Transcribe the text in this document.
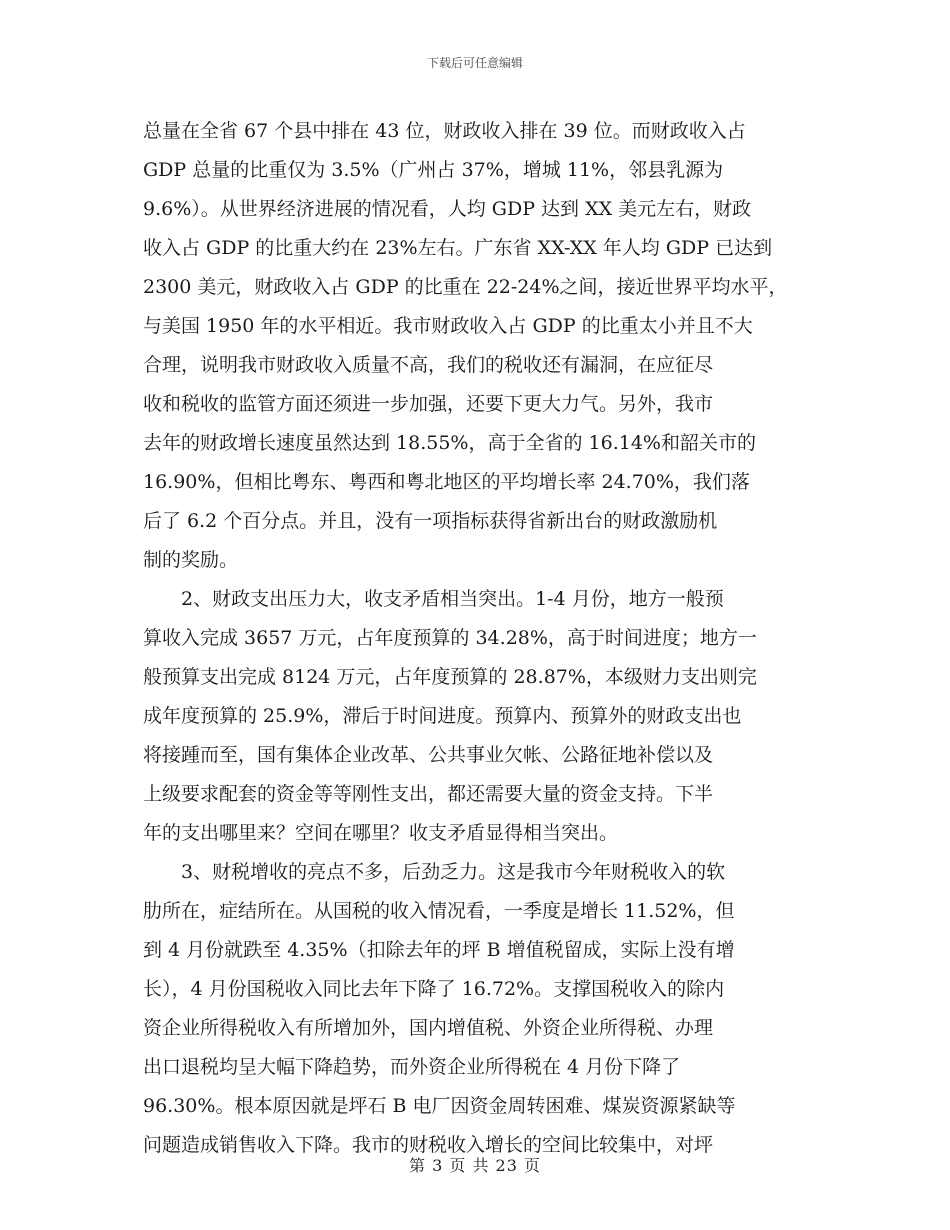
下载后可任意编辑
总量在全省 67 个县中排在 43 位，财政收入排在 39 位。而财政收入占
GDP 总量的比重仅为 3.5%（广州占 37%，增城 11%，邻县乳源为
9.6%）。从世界经济进展的情况看，人均 GDP 达到 XX 美元左右，财政
收入占 GDP 的比重大约在 23%左右。广东省 XX-XX 年人均 GDP 已达到
2300 美元，财政收入占 GDP 的比重在 22-24%之间，接近世界平均水平，
与美国 1950 年的水平相近。我市财政收入占 GDP 的比重太小并且不大
合理，说明我市财政收入质量不高，我们的税收还有漏洞，在应征尽
收和税收的监管方面还须进一步加强，还要下更大力气。另外，我市
去年的财政增长速度虽然达到 18.55%，高于全省的 16.14%和韶关市的
16.90%，但相比粤东、粤西和粤北地区的平均增长率 24.70%，我们落
后了 6.2 个百分点。并且，没有一项指标获得省新出台的财政激励机
制的奖励。
2、财政支出压力大，收支矛盾相当突出。1-4 月份，地方一般预
算收入完成 3657 万元，占年度预算的 34.28%，高于时间进度；地方一
般预算支出完成 8124 万元，占年度预算的 28.87%，本级财力支出则完
成年度预算的 25.9%，滞后于时间进度。预算内、预算外的财政支出也
将接踵而至，国有集体企业改革、公共事业欠帐、公路征地补偿以及
上级要求配套的资金等等刚性支出，都还需要大量的资金支持。下半
年的支出哪里来？空间在哪里？收支矛盾显得相当突出。
3、财税增收的亮点不多，后劲乏力。这是我市今年财税收入的软
肋所在，症结所在。从国税的收入情况看，一季度是增长 11.52%，但
到 4 月份就跌至 4.35%（扣除去年的坪 B 增值税留成，实际上没有增
长），4 月份国税收入同比去年下降了 16.72%。支撑国税收入的除内
资企业所得税收入有所增加外，国内增值税、外资企业所得税、办理
出口退税均呈大幅下降趋势，而外资企业所得税在 4 月份下降了
96.30%。根本原因就是坪石 B 电厂因资金周转困难、煤炭资源紧缺等
问题造成销售收入下降。我市的财税收入增长的空间比较集中，对坪
第 3 页 共 23 页
